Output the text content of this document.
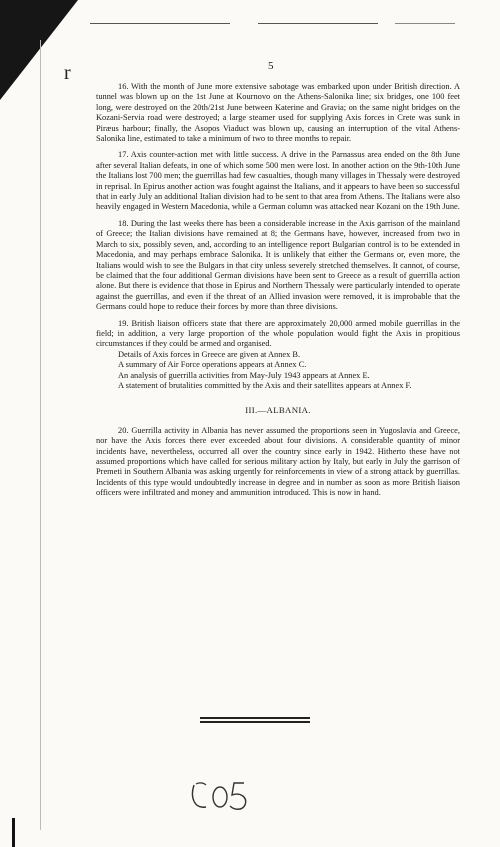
r	5

16. With the month of June more extensive sabotage was embarked upon under British direction. A tunnel was blown up on the 1st June at Kournovo on the Athens-Salonika line; six bridges, one 100 feet long, were destroyed on the 20th/21st June between Katerine and Gravia; on the same night bridges on the Kozani-Servia road were destroyed; a large steamer used for supplying Axis forces in Crete was sunk in Piræus harbour; finally, the Asopos Viaduct was blown up, causing an interruption of the vital Athens-Salonika line, estimated to take a minimum of two to three months to repair.

17. Axis counter-action met with little success. A drive in the Parnassus area ended on the 8th June after several Italian defeats, in one of which some 500 men were lost. In another action on the 9th-10th June the Italians lost 700 men; the guerrillas had few casualties, though many villages in Thessaly were destroyed in reprisal. In Epirus another action was fought against the Italians, and it appears to have been so successful that in early July an additional Italian division had to be sent to that area from Athens. The Italians were also heavily engaged in Western Macedonia, while a German column was attacked near Kozani on the 19th June.

18. During the last weeks there has been a considerable increase in the Axis garrison of the mainland of Greece; the Italian divisions have remained at 8; the Germans have, however, increased from two in March to six, possibly seven, and, according to an intelligence report Bulgarian control is to be extended in Macedonia, and may perhaps embrace Salonika. It is unlikely that either the Germans or, even more, the Italians would wish to see the Bulgars in that city unless severely stretched themselves. It cannot, of course, be claimed that the four additional German divisions have been sent to Greece as a result of guerrilla action alone. But there is evidence that those in Epirus and Northern Thessaly were particularly intended to operate against the guerrillas, and even if the threat of an Allied invasion were removed, it is improbable that the Germans could hope to reduce their forces by more than three divisions.

19. British liaison officers state that there are approximately 20,000 armed mobile guerrillas in the field; in addition, a very large proportion of the whole population would fight the Axis in propitious circumstances if they could be armed and organised.

Details of Axis forces in Greece are given at Annex B.

A summary of Air Force operations appears at Annex C.

An analysis of guerrilla activities from May-July 1943 appears at Annex E.

A statement of brutalities committed by the Axis and their satellites appears at Annex F.

III.—ALBANIA.

20. Guerrilla activity in Albania has never assumed the proportions seen in Yugoslavia and Greece, nor have the Axis forces there ever exceeded about four divisions. A considerable quantity of minor incidents have, nevertheless, occurred all over the country since early in 1942. Hitherto these have not assumed proportions which have called for serious military action by Italy, but early in July the garrison of Premeti in Southern Albania was asking urgently for reinforcements in view of a strong attack by guerrillas. Incidents of this type would undoubtedly increase in degree and in number as soon as more British liaison officers were infiltrated and money and ammunition introduced. This is now in hand.

005
